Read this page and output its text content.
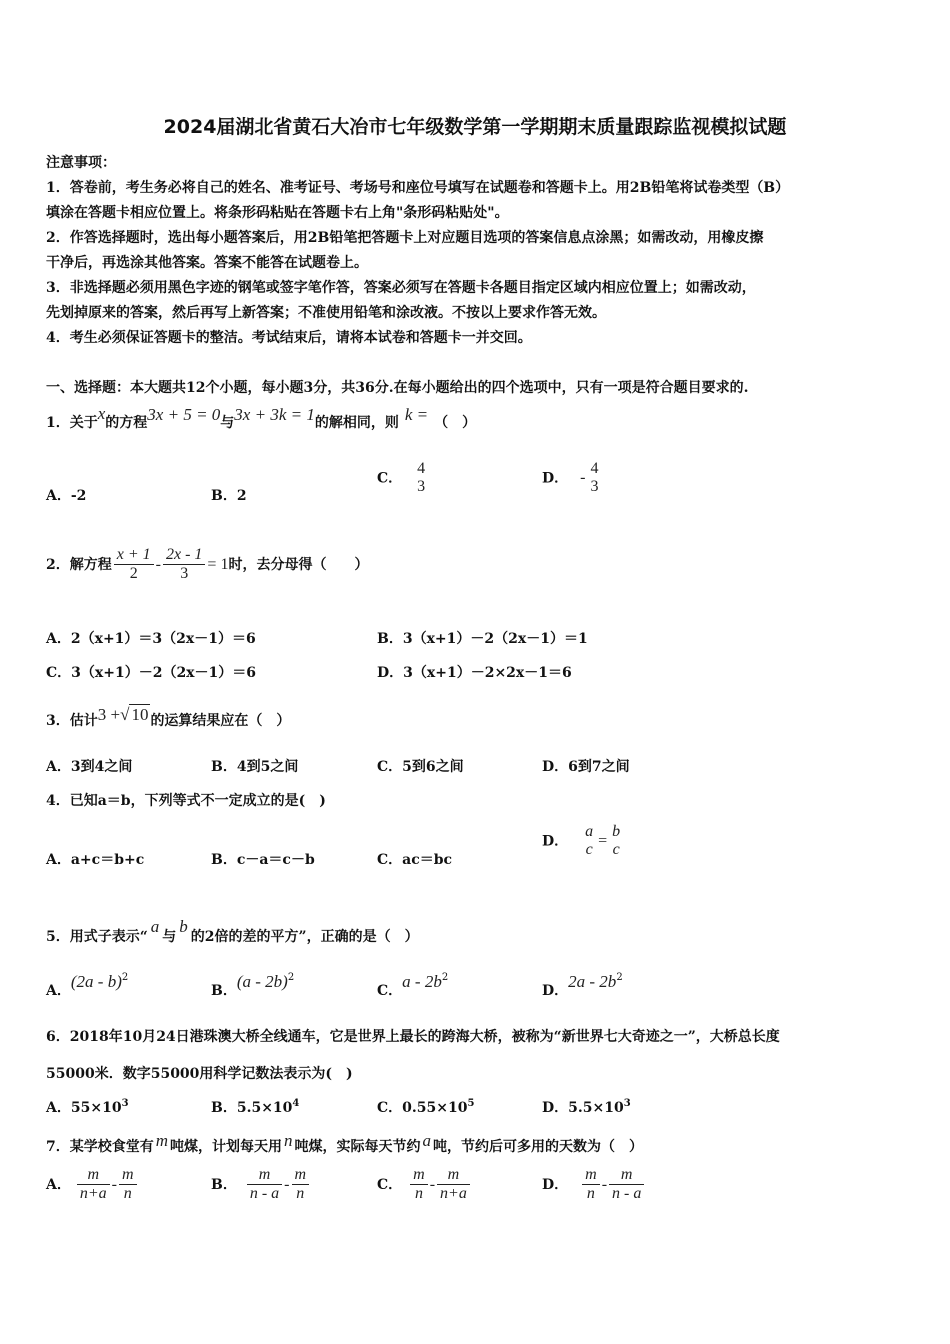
2024届湖北省黄石大冶市七年级数学第一学期期末质量跟踪监视模拟试题
注意事项：
1．答卷前，考生务必将自己的姓名、准考证号、考场号和座位号填写在试题卷和答题卡上。用2B铅笔将试卷类型（B）
填涂在答题卡相应位置上。将条形码粘贴在答题卡右上角"条形码粘贴处"。
2．作答选择题时，选出每小题答案后，用2B铅笔把答题卡上对应题目选项的答案信息点涂黑；如需改动，用橡皮擦
干净后，再选涂其他答案。答案不能答在试题卷上。
3．非选择题必须用黑色字迹的钢笔或签字笔作答，答案必须写在答题卡各题目指定区域内相应位置上；如需改动，
先划掉原来的答案，然后再写上新答案；不准使用铅笔和涂改液。不按以上要求作答无效。
4．考生必须保证答题卡的整洁。考试结束后，请将本试卷和答题卡一并交回。
一、选择题：本大题共12个小题，每小题3分，共36分.在每小题给出的四个选项中，只有一项是符合题目要求的.
1．关于x的方程3x + 5 = 0与3x + 3k = 1的解相同，则 k = （　）
A．-2	B．2
C．
4
3	D． -
4
3
2．解方程 $\frac{x + 1}{2} - \frac{2x - 1}{3} = 1$时，去分母得（　　）
A．2（x+1）＝3（2x－1）＝6	B．3（x+1）－2（2x－1）＝1
C．3（x+1）－2（2x－1）＝6	D．3（x+1）－2×2x－1＝6
3．估计3 +√ 10 的运算结果应在（　）
A．3到4之间	B．4到5之间	C．5到6之间	D．6到7之间
4．已知a＝b，下列等式不一定成立的是(　)
A．a+c＝b+c	B．c－a＝c－b	C．ac＝bc
D．
a
c
=
b
c
5．用式子表示“a与b的2倍的差的平方”，正确的是（　）
A．(2a - b)$^2$
B．(a - 2b)$^2$
C．a - $2b^2$
D．$2a - 2b^2$
6．2018年10月24日港珠澳大桥全线通车，它是世界上最长的跨海大桥，被称为“新世界七大奇迹之一”，大桥总长度
55000米．数字55000用科学记数法表示为(　)
A．$55\times 10^3$	B．$5.5\times 10^4$	C．$0.55\times 10^5$	D．$5.5\times 10^3$
7．某学校食堂有 m 吨煤，计划每天用 n 吨煤，实际每天节约 a 吨，节约后可多用的天数为（　）
A． $\frac{m}{n+a} - \frac{m}{n}$	B． $\frac{m}{n - a} - \frac{m}{n}$	C． $\frac{m}{n} - \frac{m}{n+a}$	D． $\frac{m}{n} - \frac{m}{n - a}$
